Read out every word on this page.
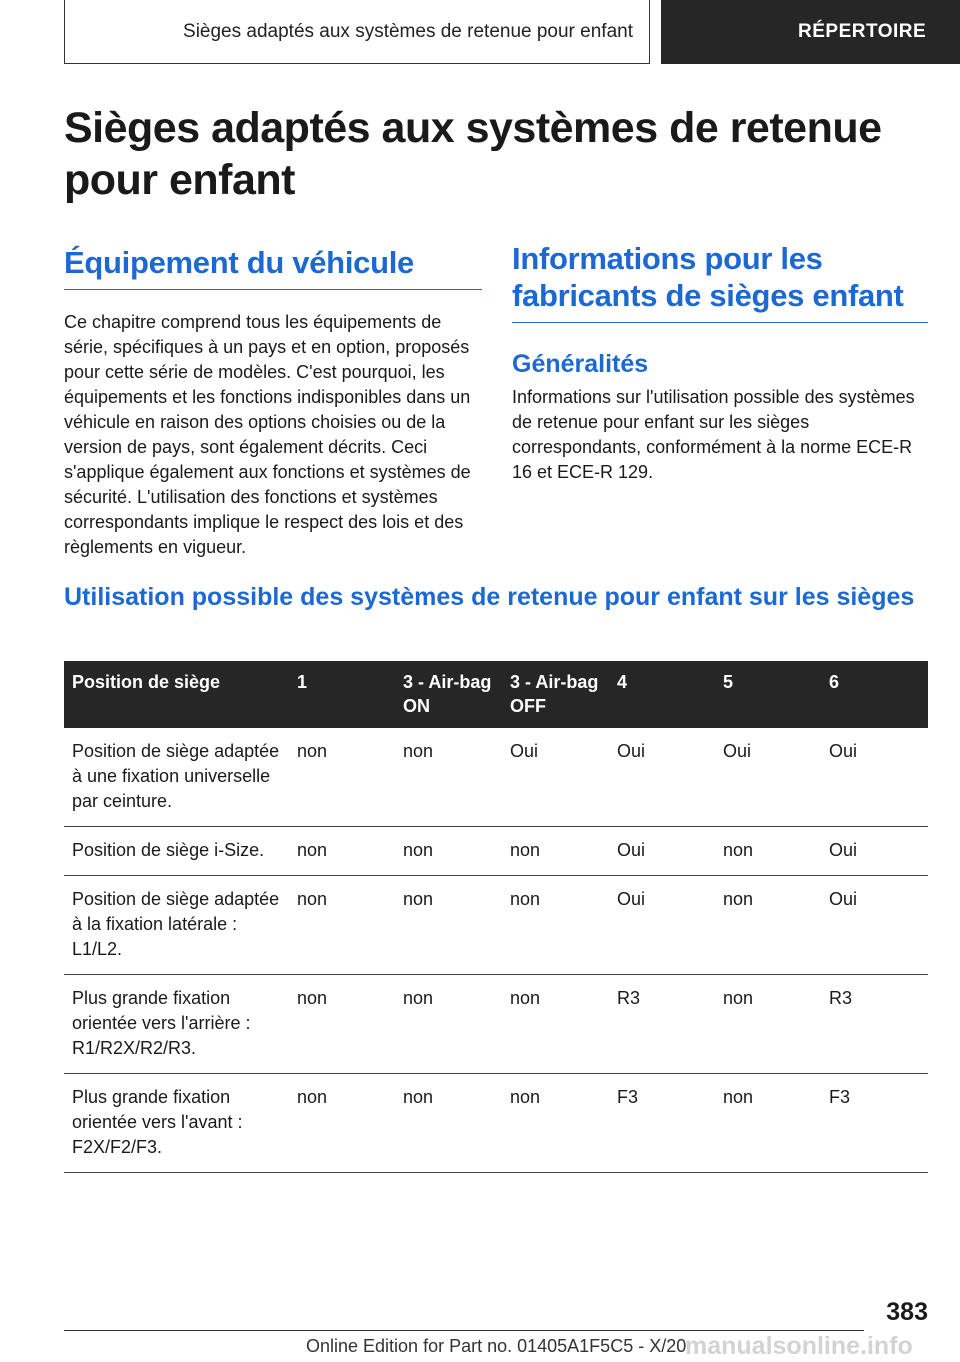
Sièges adaptés aux systèmes de retenue pour enfant	RÉPERTOIRE
Sièges adaptés aux systèmes de retenue pour enfant
Équipement du véhicule

Ce chapitre comprend tous les équipements de série, spécifiques à un pays et en option, proposés pour cette série de modèles. C'est pourquoi, les équipements et les fonctions indisponibles dans un véhicule en raison des options choisies ou de la version de pays, sont également décrits. Ceci s'applique également aux fonctions et systèmes de sécurité. L'utilisation des fonctions et systèmes correspondants implique le respect des lois et des règlements en vigueur.

Informations pour les fabricants de sièges enfant
Généralités

Informations sur l'utilisation possible des systèmes de retenue pour enfant sur les sièges correspondants, conformément à la norme ECE-R 16 et ECE-R 129.

Utilisation possible des systèmes de retenue pour enfant sur les sièges
Position de siège	1	3 - Air-bag ON	3 - Air-bag OFF	4	5	6
Position de siège adaptée à une fixation universelle par ceinture.	non	non	Oui	Oui	Oui	Oui
Position de siège i-Size.	non	non	non	Oui	non	Oui
Position de siège adaptée à la fixation latérale : L1/L2.	non	non	non	Oui	non	Oui
Plus grande fixation orientée vers l'arrière : R1/R2X/R2/R3.	non	non	non	R3	non	R3
Plus grande fixation orientée vers l'avant : F2X/F2/F3.	non	non	non	F3	non	F3
383
Online Edition for Part no. 01405A1F5C5 - X/20
manualsonline.info
